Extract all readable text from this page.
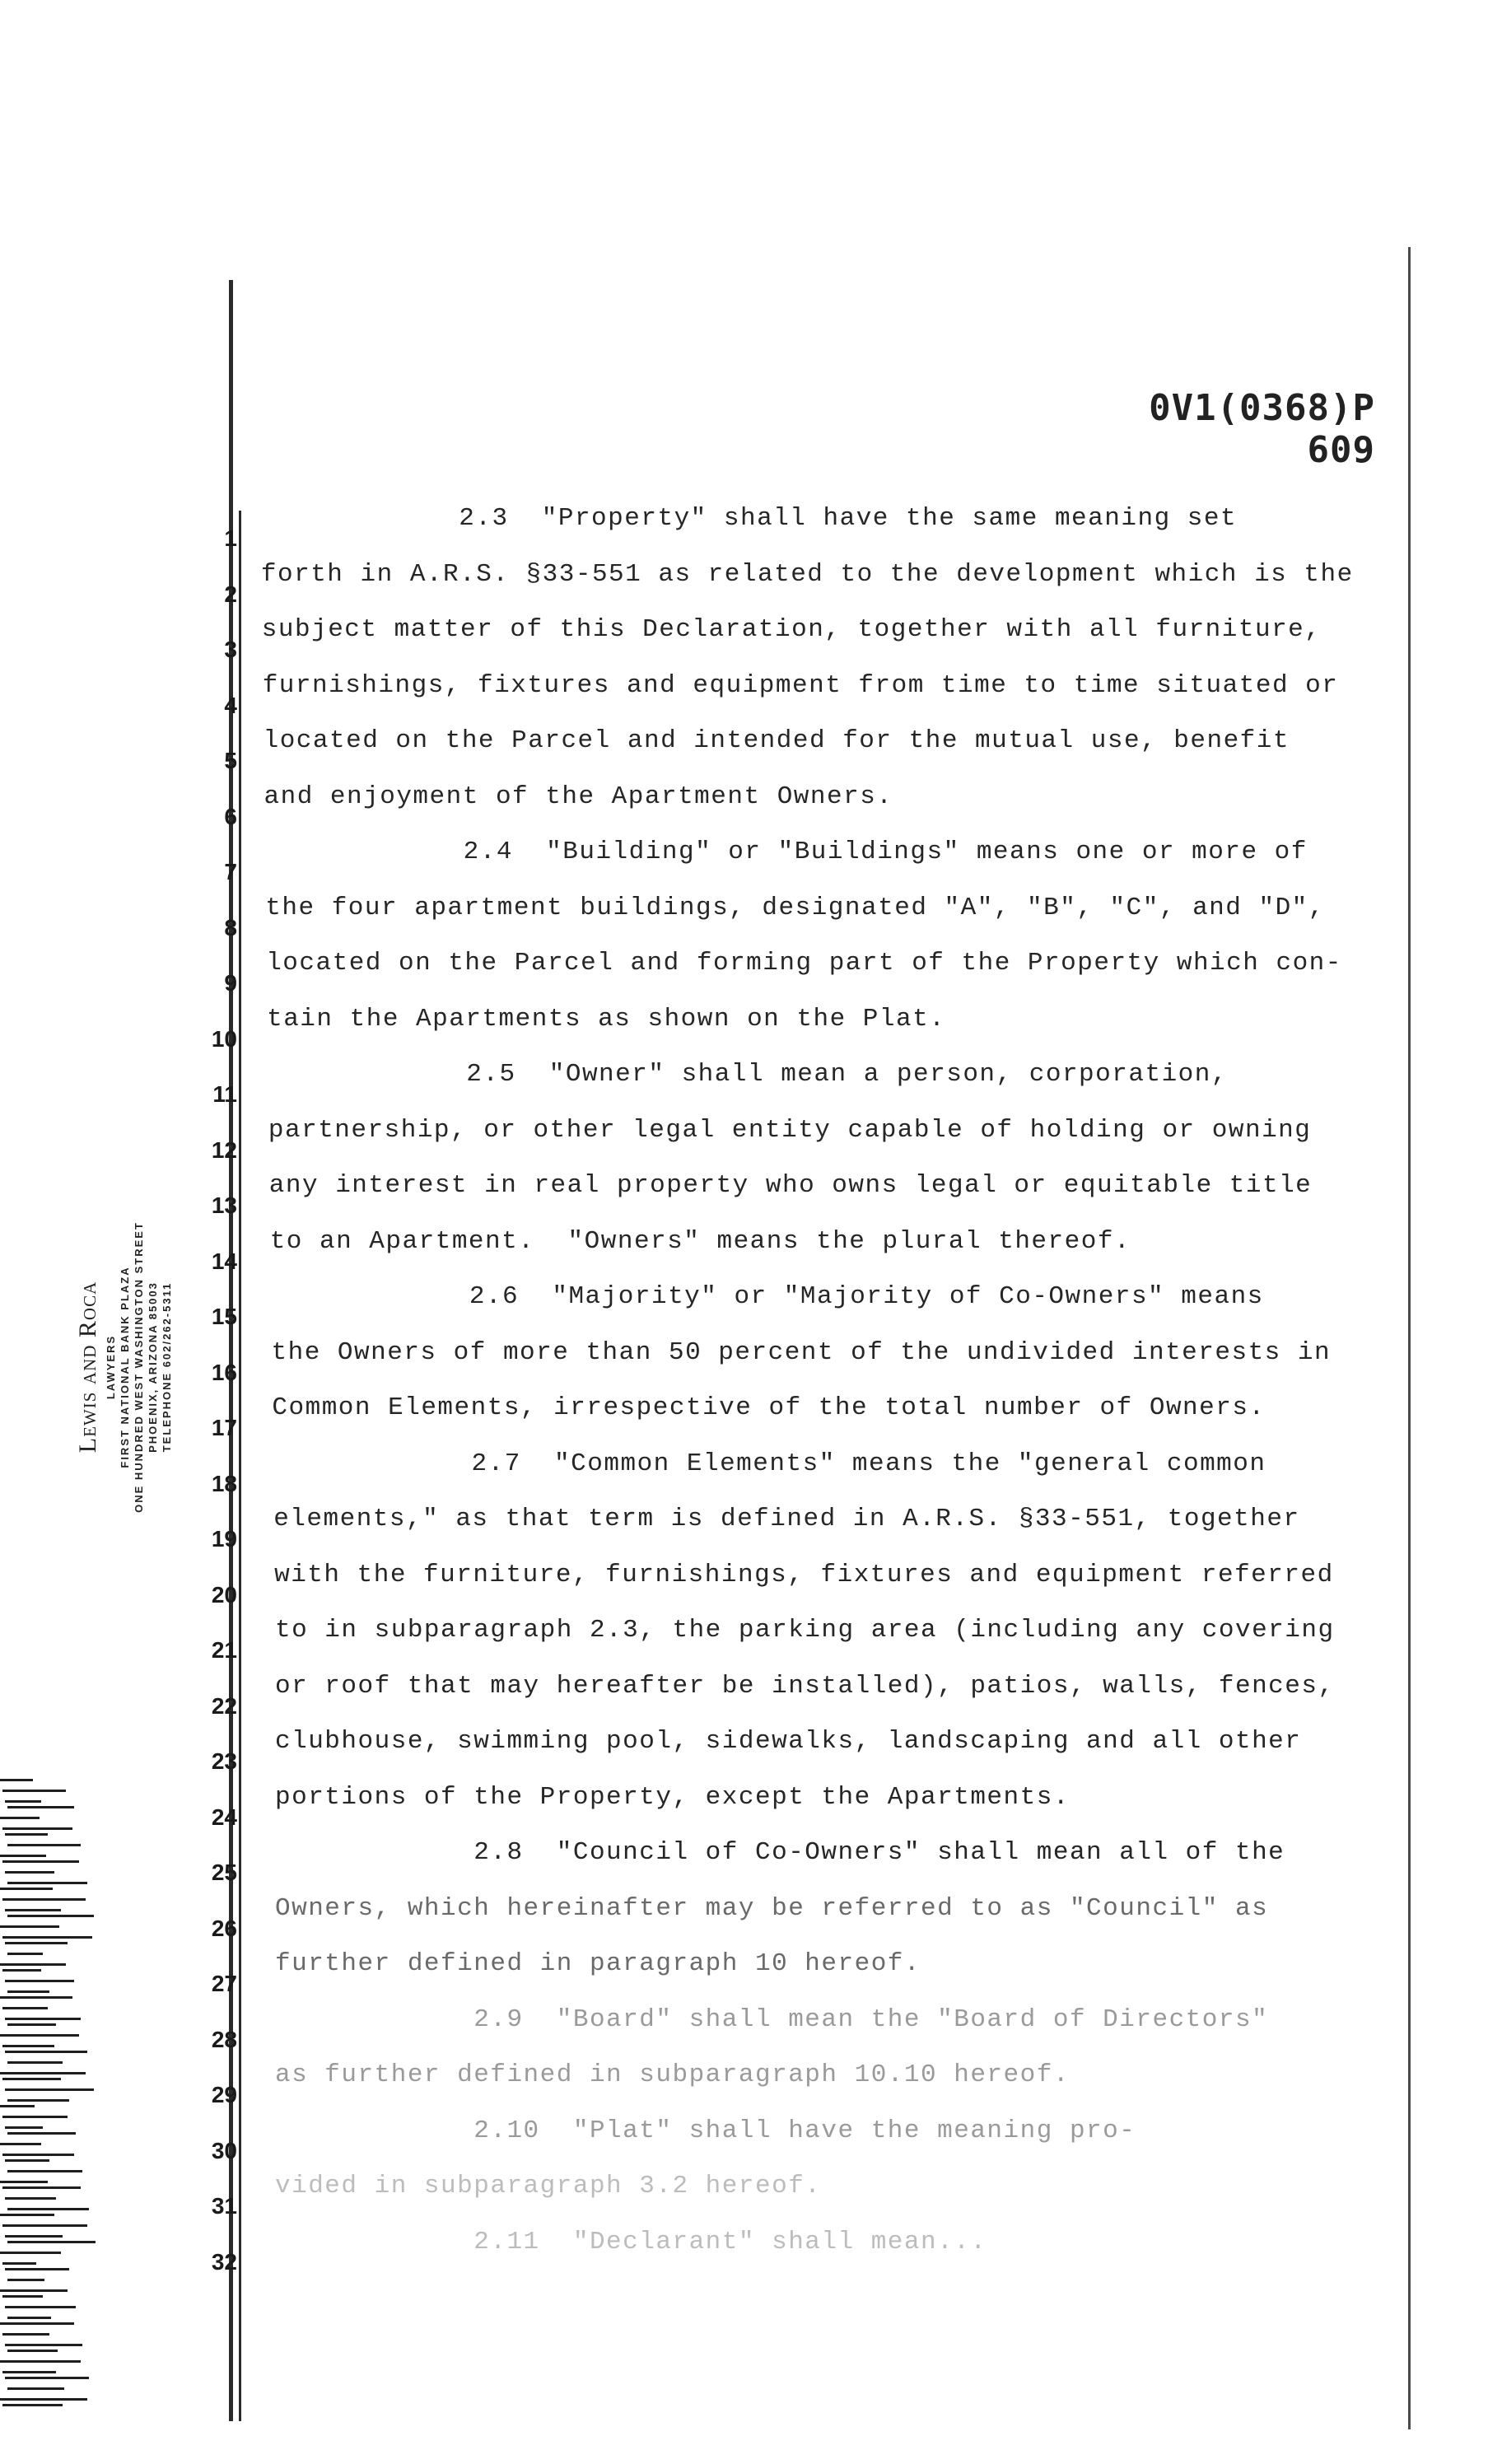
0V1(0368)P 609
Lewis and Roca LAWYERS FIRST NATIONAL BANK PLAZA ONE HUNDRED WEST WASHINGTON STREET PHOENIX, ARIZONA 85003 TELEPHONE 602/262-5311
1
2
3
4
5
6
7
8
9
10
11
12
13
14
15
16
17
18
19
20
21
22
23
24
25
26
27
28
29
30
31
32
2.3  "Property" shall have the same meaning set
forth in A.R.S. §33-551 as related to the development which is the
subject matter of this Declaration, together with all furniture,
furnishings, fixtures and equipment from time to time situated or
located on the Parcel and intended for the mutual use, benefit
and enjoyment of the Apartment Owners.
2.4  "Building" or "Buildings" means one or more of
the four apartment buildings, designated "A", "B", "C", and "D",
located on the Parcel and forming part of the Property which con-
tain the Apartments as shown on the Plat.
2.5  "Owner" shall mean a person, corporation,
partnership, or other legal entity capable of holding or owning
any interest in real property who owns legal or equitable title
to an Apartment.  "Owners" means the plural thereof.
2.6  "Majority" or "Majority of Co-Owners" means
the Owners of more than 50 percent of the undivided interests in
Common Elements, irrespective of the total number of Owners.
2.7  "Common Elements" means the "general common
elements," as that term is defined in A.R.S. §33-551, together
with the furniture, furnishings, fixtures and equipment referred
to in subparagraph 2.3, the parking area (including any covering
or roof that may hereafter be installed), patios, walls, fences,
clubhouse, swimming pool, sidewalks, landscaping and all other
portions of the Property, except the Apartments.
2.8  "Council of Co-Owners" shall mean all of the
Owners, which hereinafter may be referred to as "Council" as
further defined in paragraph 10 hereof.
2.9  "Board" shall mean the "Board of Directors"
as further defined in subparagraph 10.10 hereof.
2.10  "Plat" shall have the meaning pro-
vided in subparagraph 3.2 hereof.
2.11  "Declarant" shall mean...
